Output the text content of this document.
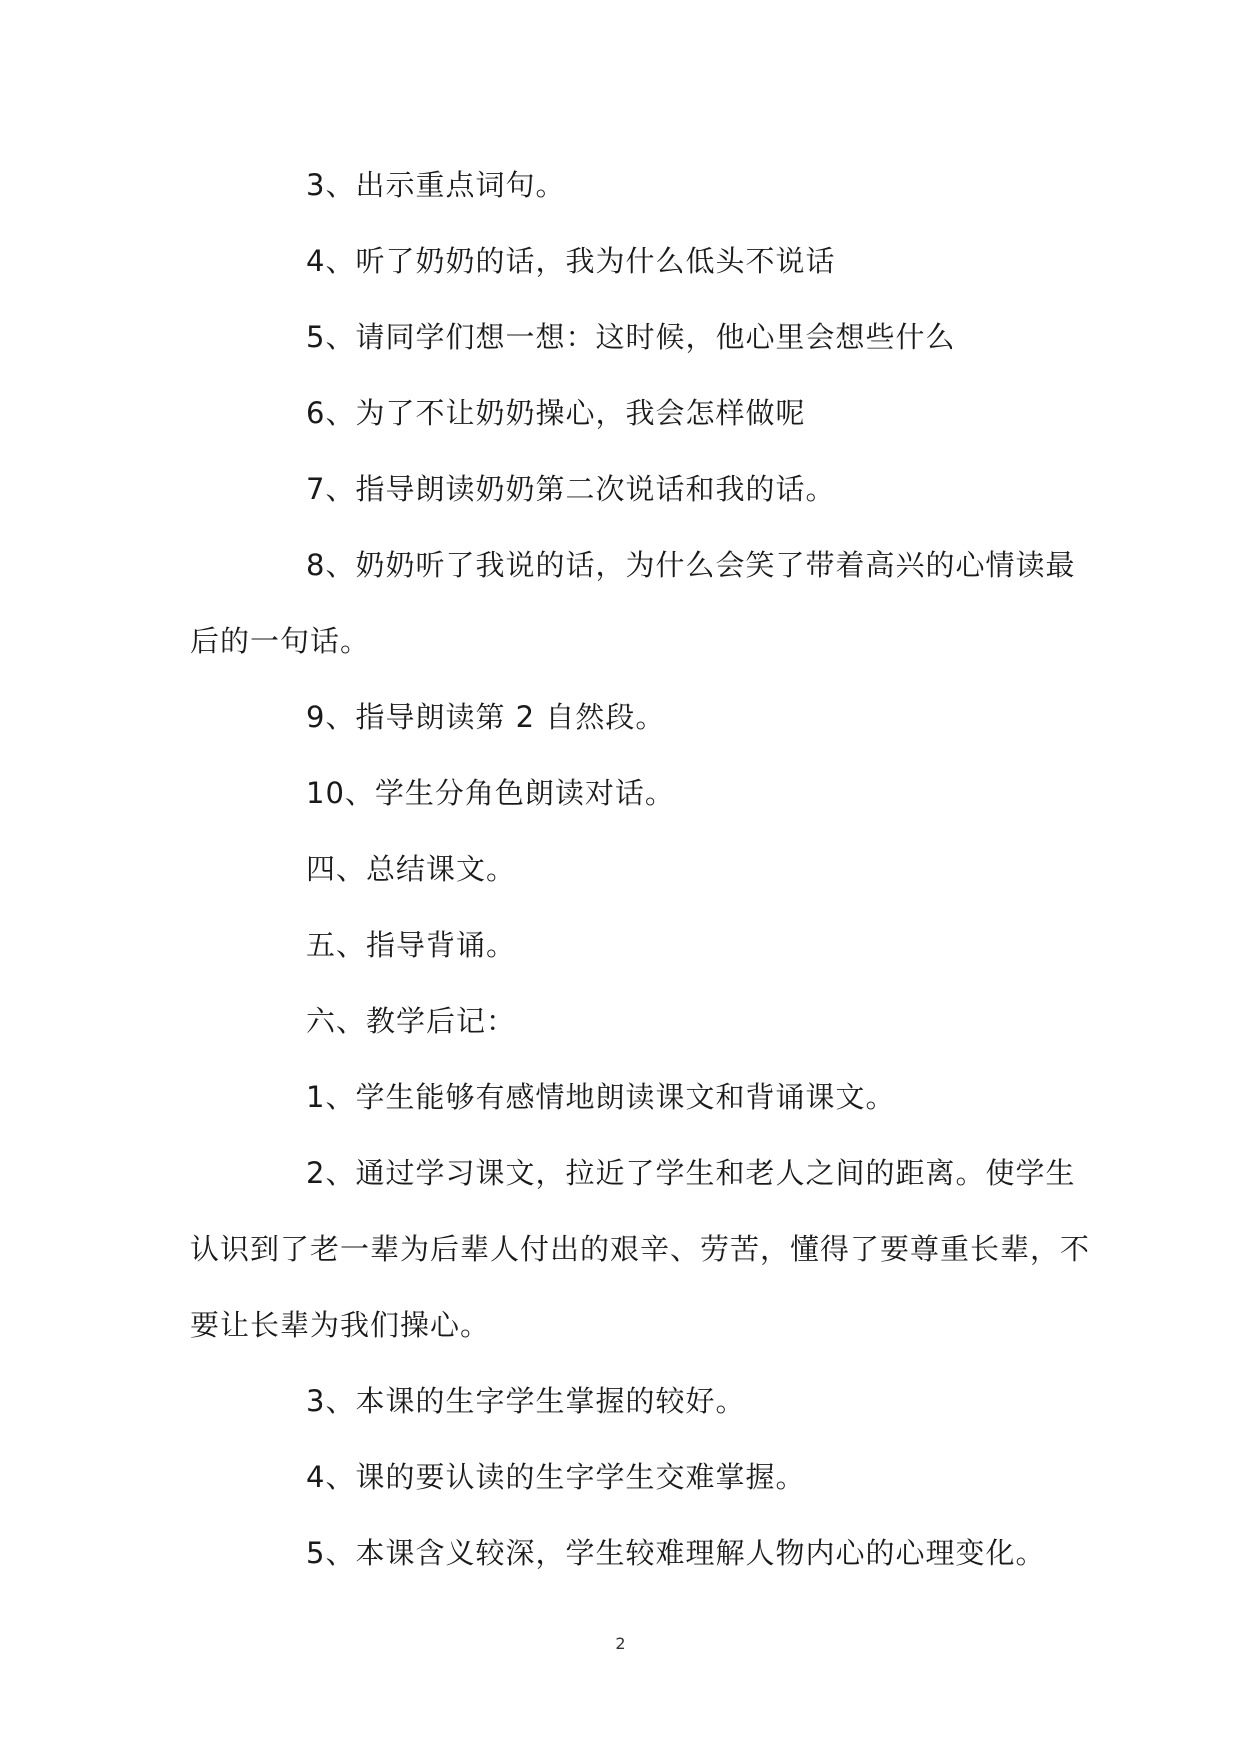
3、出示重点词句。
4、听了奶奶的话，我为什么低头不说话
5、请同学们想一想：这时候，他心里会想些什么
6、为了不让奶奶操心，我会怎样做呢
7、指导朗读奶奶第二次说话和我的话。
8、奶奶听了我说的话，为什么会笑了带着高兴的心情读最
后的一句话。
9、指导朗读第 2 自然段。
10、学生分角色朗读对话。
四、总结课文。
五、指导背诵。
六、教学后记：
1、学生能够有感情地朗读课文和背诵课文。
2、通过学习课文，拉近了学生和老人之间的距离。使学生
认识到了老一辈为后辈人付出的艰辛、劳苦，懂得了要尊重长辈，不
要让长辈为我们操心。
3、本课的生字学生掌握的较好。
4、课的要认读的生字学生交难掌握。
5、本课含义较深，学生较难理解人物内心的心理变化。
2
